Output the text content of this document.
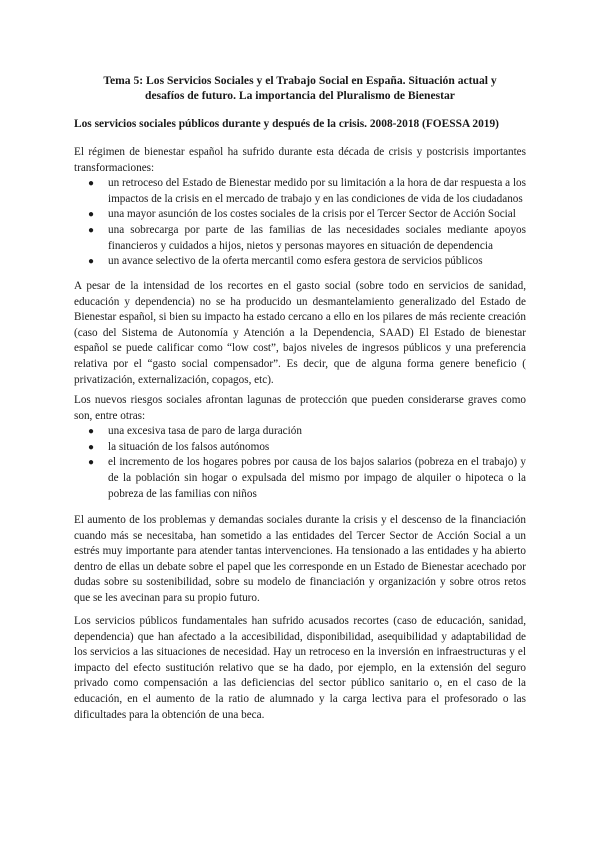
Tema 5: Los Servicios Sociales y el Trabajo Social en España. Situación actual y desafíos de futuro. La importancia del Pluralismo de Bienestar
Los servicios sociales públicos durante y después de la crisis. 2008-2018 (FOESSA 2019)

El régimen de bienestar español ha sufrido durante esta década de crisis y postcrisis importantes transformaciones:

● un retroceso del Estado de Bienestar medido por su limitación a la hora de dar respuesta a los impactos de la crisis en el mercado de trabajo y en las condiciones de vida de los ciudadanos
● una mayor asunción de los costes sociales de la crisis por el Tercer Sector de Acción Social
● una sobrecarga por parte de las familias de las necesidades sociales mediante apoyos financieros y cuidados a hijos, nietos y personas mayores en situación de dependencia
● un avance selectivo de la oferta mercantil como esfera gestora de servicios públicos

A pesar de la intensidad de los recortes en el gasto social (sobre todo en servicios de sanidad, educación y dependencia) no se ha producido un desmantelamiento generalizado del Estado de Bienestar español, si bien su impacto ha estado cercano a ello en los pilares de más reciente creación (caso del Sistema de Autonomía y Atención a la Dependencia, SAAD) El Estado de bienestar español se puede calificar como “low cost”, bajos niveles de ingresos públicos y una preferencia relativa por el “gasto social compensador”. Es decir, que de alguna forma genere beneficio ( privatización, externalización, copagos, etc).

Los nuevos riesgos sociales afrontan lagunas de protección que pueden considerarse graves como son, entre otras:

● una excesiva tasa de paro de larga duración
● la situación de los falsos autónomos
● el incremento de los hogares pobres por causa de los bajos salarios (pobreza en el trabajo) y de la población sin hogar o expulsada del mismo por impago de alquiler o hipoteca o la pobreza de las familias con niños

El aumento de los problemas y demandas sociales durante la crisis y el descenso de la financiación cuando más se necesitaba, han sometido a las entidades del Tercer Sector de Acción Social a un estrés muy importante para atender tantas intervenciones. Ha tensionado a las entidades y ha abierto dentro de ellas un debate sobre el papel que les corresponde en un Estado de Bienestar acechado por dudas sobre su sostenibilidad, sobre su modelo de financiación y organización y sobre otros retos que se les avecinan para su propio futuro.

Los servicios públicos fundamentales han sufrido acusados recortes (caso de educación, sanidad, dependencia) que han afectado a la accesibilidad, disponibilidad, asequibilidad y adaptabilidad de los servicios a las situaciones de necesidad. Hay un retroceso en la inversión en infraestructuras y el impacto del efecto sustitución relativo que se ha dado, por ejemplo, en la extensión del seguro privado como compensación a las deficiencias del sector público sanitario o, en el caso de la educación, en el aumento de la ratio de alumnado y la carga lectiva para el profesorado o las dificultades para la obtención de una beca.
